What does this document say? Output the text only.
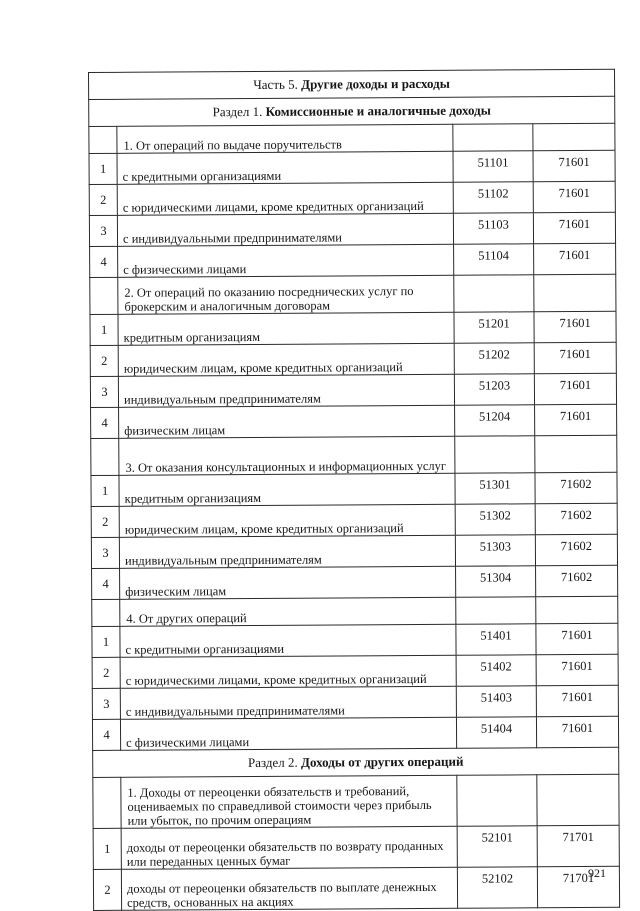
Часть 5. Другие доходы и расходы			
Раздел 1. Комиссионные и аналогичные доходы			
	1. От операций по выдаче поручительств		
1	с кредитными организациями	51101	71601
2	с юридическими лицами, кроме кредитных организаций	51102	71601
3	с индивидуальными предпринимателями	51103	71601
4	с физическими лицами	51104	71601
	2. От операций по оказанию посреднических услуг по брокерским и аналогичным договорам		
1	кредитным организациям	51201	71601
2	юридическим лицам, кроме кредитных организаций	51202	71601
3	индивидуальным предпринимателям	51203	71601
4	физическим лицам	51204	71601
	3. От оказания консультационных и информационных услуг		
1	кредитным организациям	51301	71602
2	юридическим лицам, кроме кредитных организаций	51302	71602
3	индивидуальным предпринимателям	51303	71602
4	физическим лицам	51304	71602
	4. От других операций		
1	с кредитными организациями	51401	71601
2	с юридическими лицами, кроме кредитных организаций	51402	71601
3	с индивидуальными предпринимателями	51403	71601
4	с физическими лицами	51404	71601
Раздел 2. Доходы от других операций			
	1. Доходы от переоценки обязательств и требований, оцениваемых по справедливой стоимости через прибыль или убыток, по прочим операциям		
1	доходы от переоценки обязательств по возврату проданных или переданных ценных бумаг	52101	71701
2	доходы от переоценки обязательств по выплате денежных средств, основанных на акциях	52102	71701
921
